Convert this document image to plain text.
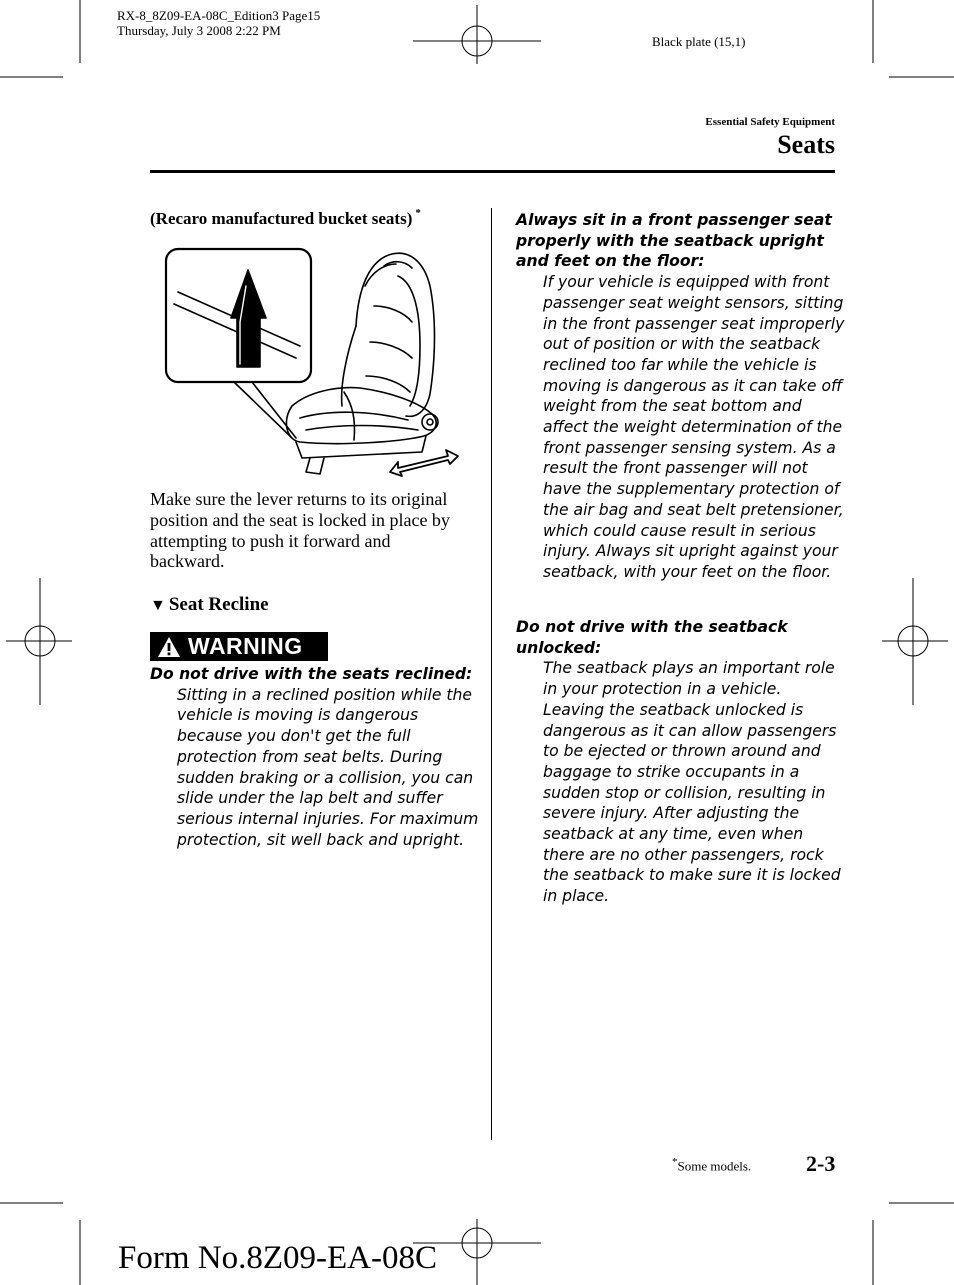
RX-8_8Z09-EA-08C_Edition3 Page15
Thursday, July 3 2008 2:22 PM
Black plate (15,1)
Essential Safety Equipment
Seats
(Recaro manufactured bucket seats) *
Make sure the lever returns to its original position and the seat is locked in place by attempting to push it forward and backward.
▼ Seat Recline
WARNING
Do not drive with the seats reclined:
Sitting in a reclined position while the vehicle is moving is dangerous because you don't get the full protection from seat belts. During sudden braking or a collision, you can slide under the lap belt and suffer serious internal injuries. For maximum protection, sit well back and upright.
Always sit in a front passenger seat properly with the seatback upright and feet on the floor:
If your vehicle is equipped with front passenger seat weight sensors, sitting in the front passenger seat improperly out of position or with the seatback reclined too far while the vehicle is moving is dangerous as it can take off weight from the seat bottom and affect the weight determination of the front passenger sensing system. As a result the front passenger will not have the supplementary protection of the air bag and seat belt pretensioner, which could cause result in serious injury. Always sit upright against your seatback, with your feet on the floor.
Do not drive with the seatback unlocked:
The seatback plays an important role in your protection in a vehicle. Leaving the seatback unlocked is dangerous as it can allow passengers to be ejected or thrown around and baggage to strike occupants in a sudden stop or collision, resulting in severe injury. After adjusting the seatback at any time, even when there are no other passengers, rock the seatback to make sure it is locked in place.
*Some models. 2-3
Form No.8Z09-EA-08C
